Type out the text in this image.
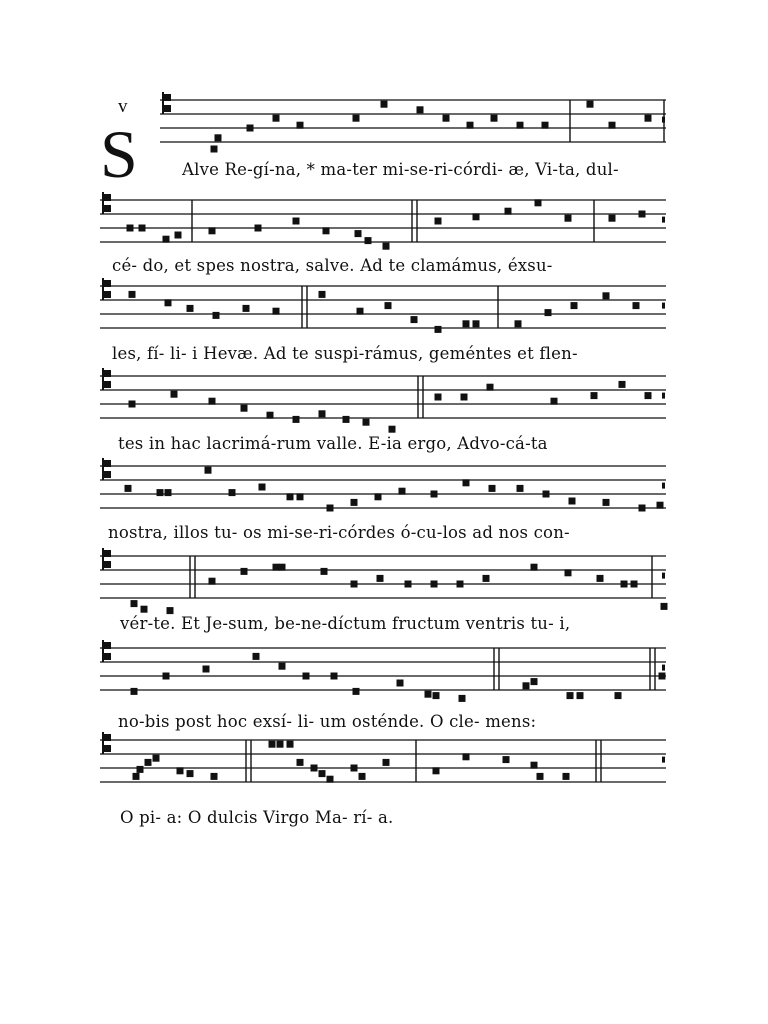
v
S	Alve Re-gí-na, * ma-ter mi-se-ri-córdi- æ, Vi-ta, dul-
cé- do, et spes nostra, salve. Ad te clamámus, éxsu-
les, fí- li- i Hevæ. Ad te suspi-rámus, geméntes et flen-
tes in hac lacrimá-rum valle. E-ia ergo, Advo-cá-ta
nostra, illos tu- os mi-se-ri-córdes ó-cu-los ad nos con-
vér-te. Et Je-sum, be-ne-díctum fructum ventris tu- i,
no-bis post hoc exsí- li- um osténde. O cle- mens:
O pi- a: O dulcis Virgo Ma- rí- a.
